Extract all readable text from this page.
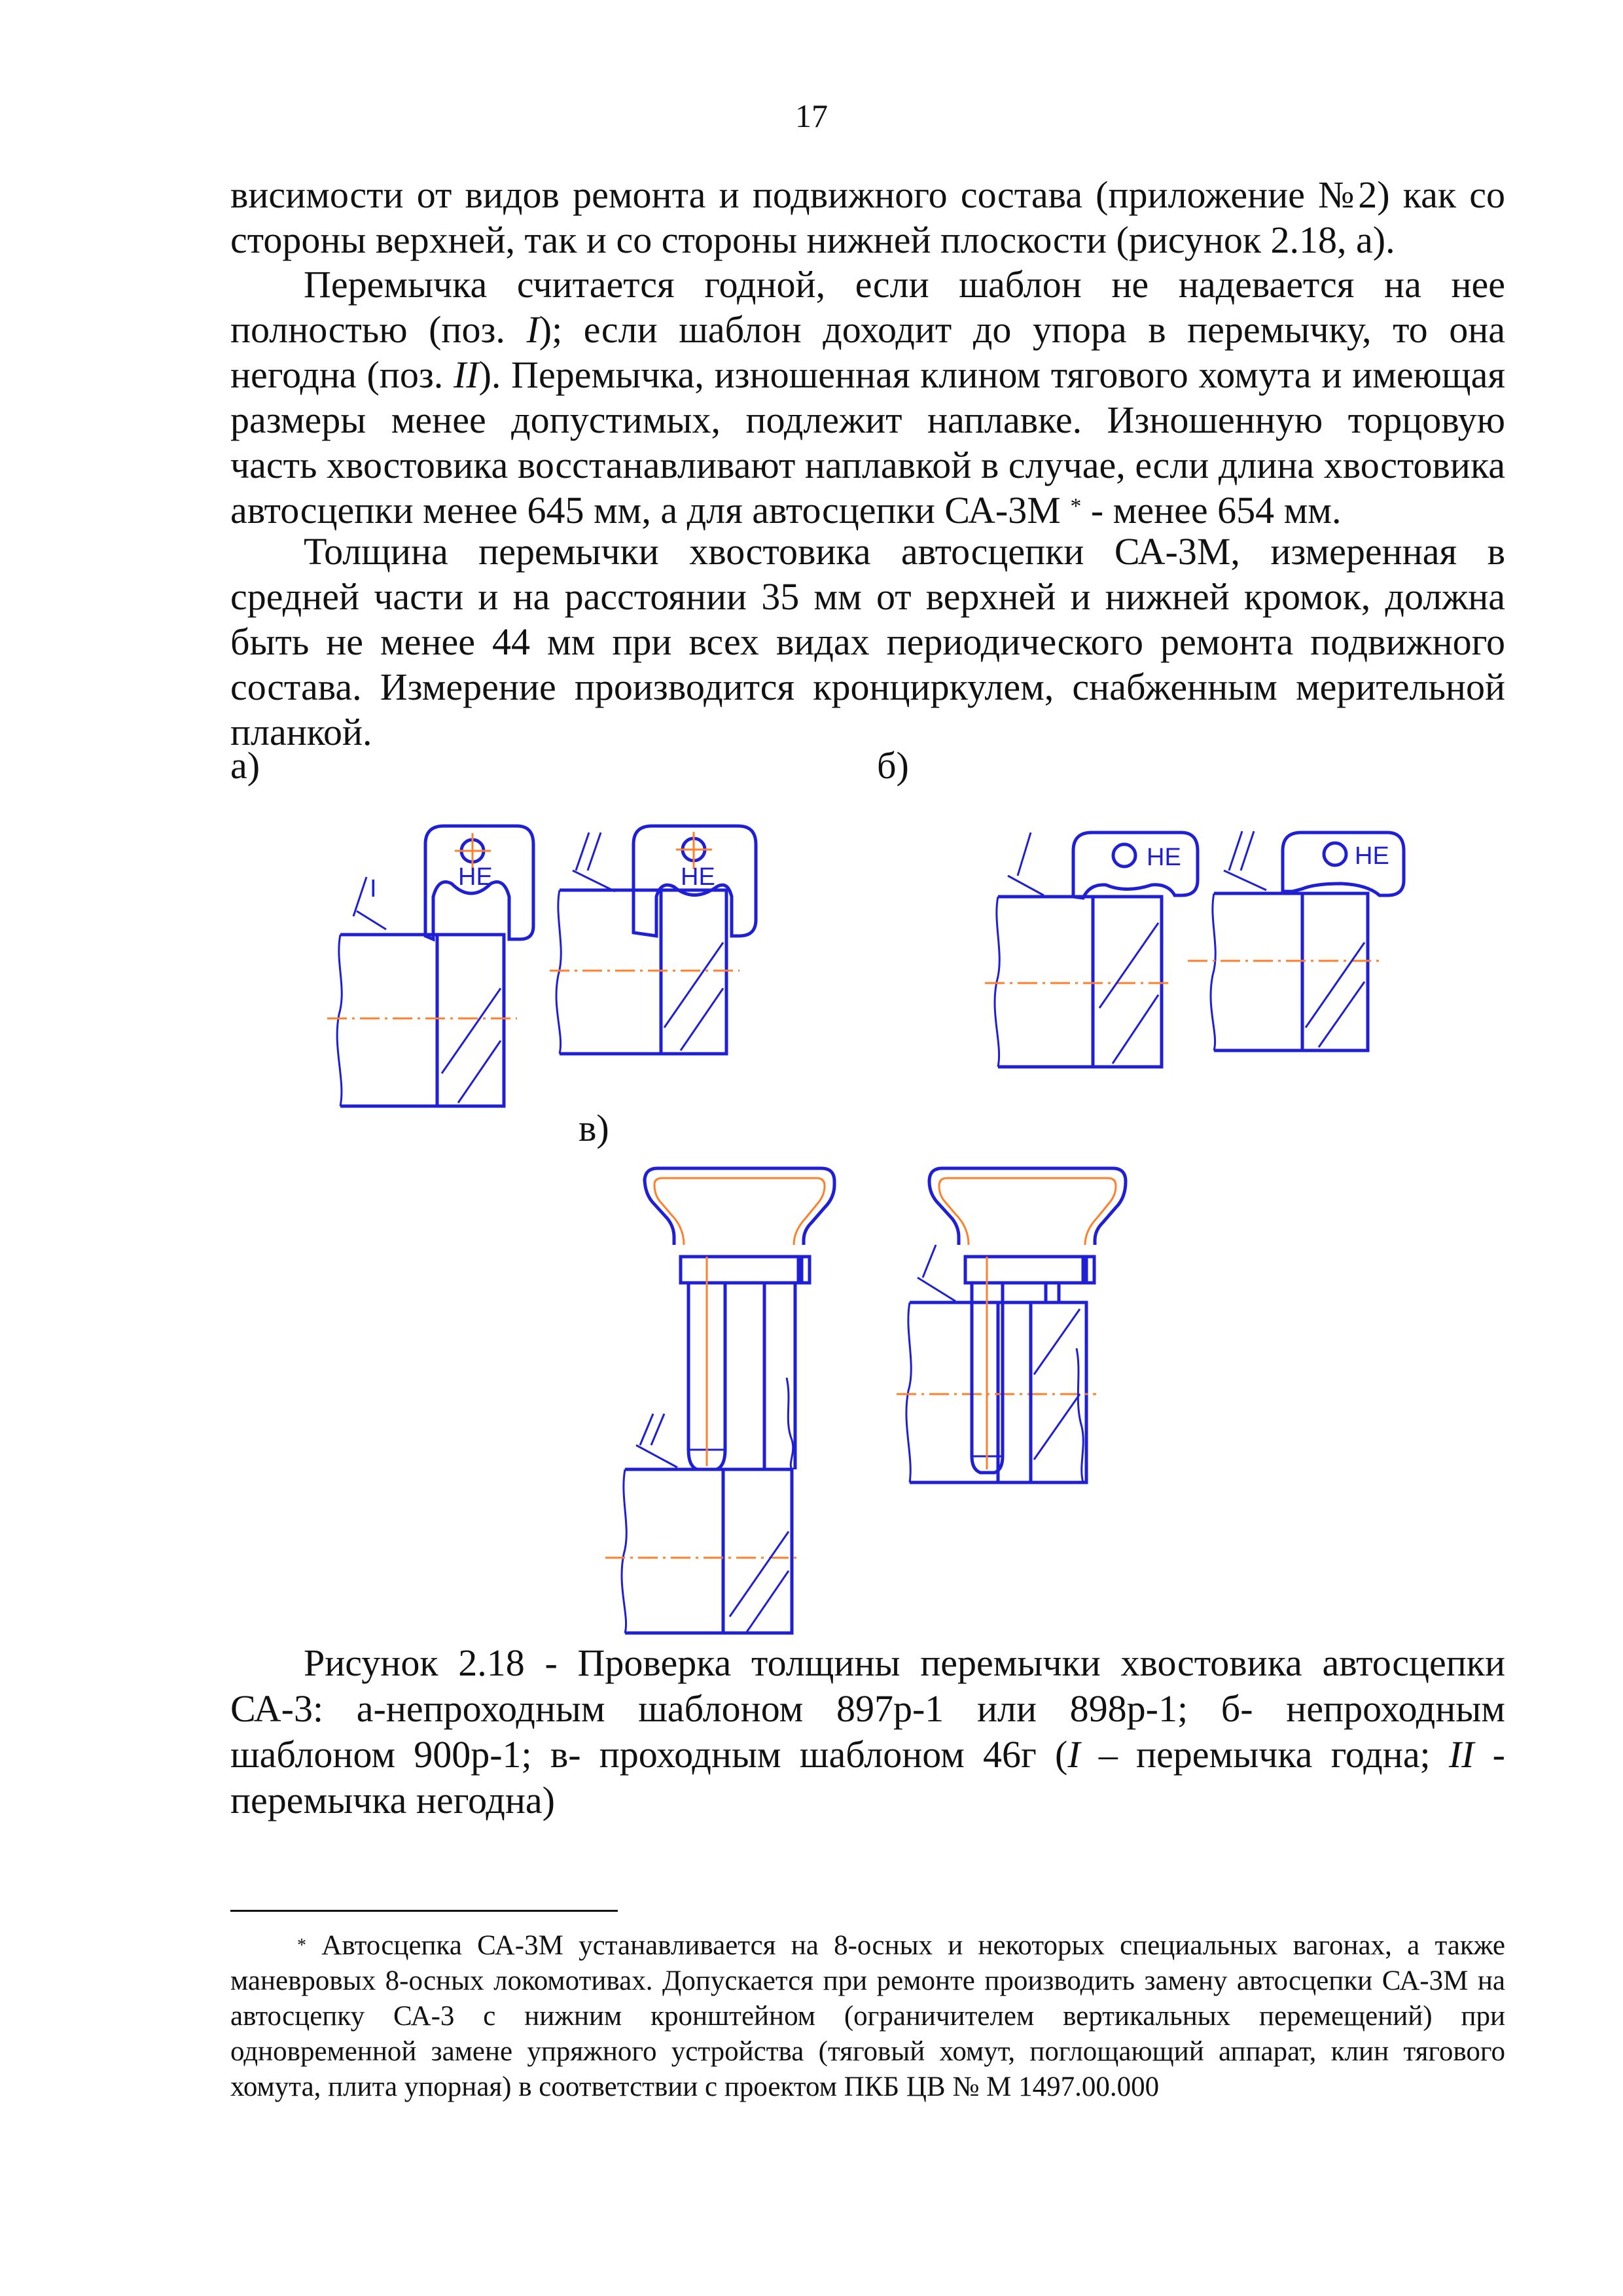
17

висимости от видов ремонта и подвижного состава (приложение №2) как со стороны верхней, так и со стороны нижней плоскости (рисунок 2.18, а).

Перемычка считается годной, если шаблон не надевается на нее полностью (поз. I); если шаблон доходит до упора в перемычку, то она негодна (поз. II). Перемычка, изношенная клином тягового хомута и имеющая размеры менее допустимых, подлежит наплавке. Изношенную торцовую часть хвостовика восстанавливают наплавкой в случае, если длина хвостовика автосцепки менее 645 мм, а для автосцепки СА-3М * - менее 654 мм.

Толщина перемычки хвостовика автосцепки СА-3М, измеренная в средней части и на расстоянии 35 мм от верхней и нижней кромок, должна быть не менее 44 мм при всех видах периодического ремонта подвижного состава. Измерение производится кронциркулем, снабженным мерительной планкой.

а)	б)
в)
НЕ
I	НЕ
НЕ	НЕ

Рисунок 2.18 - Проверка толщины перемычки хвостовика автосцепки СА-3: а-непроходным шаблоном 897р-1 или 898р-1; б- непроходным шаблоном 900р-1; в- проходным шаблоном 46г (I – перемычка годна; II - перемычка негодна)

* Автосцепка СА-3М устанавливается на 8-осных и некоторых специальных вагонах, а также маневровых 8-осных локомотивах. Допускается при ремонте производить замену автосцепки СА-3М на автосцепку СА-3 с нижним кронштейном (ограничителем вертикальных перемещений) при одновременной замене упряжного устройства (тяговый хомут, поглощающий аппарат, клин тягового хомута, плита упорная) в соответствии с проектом ПКБ ЦВ № М 1497.00.000
